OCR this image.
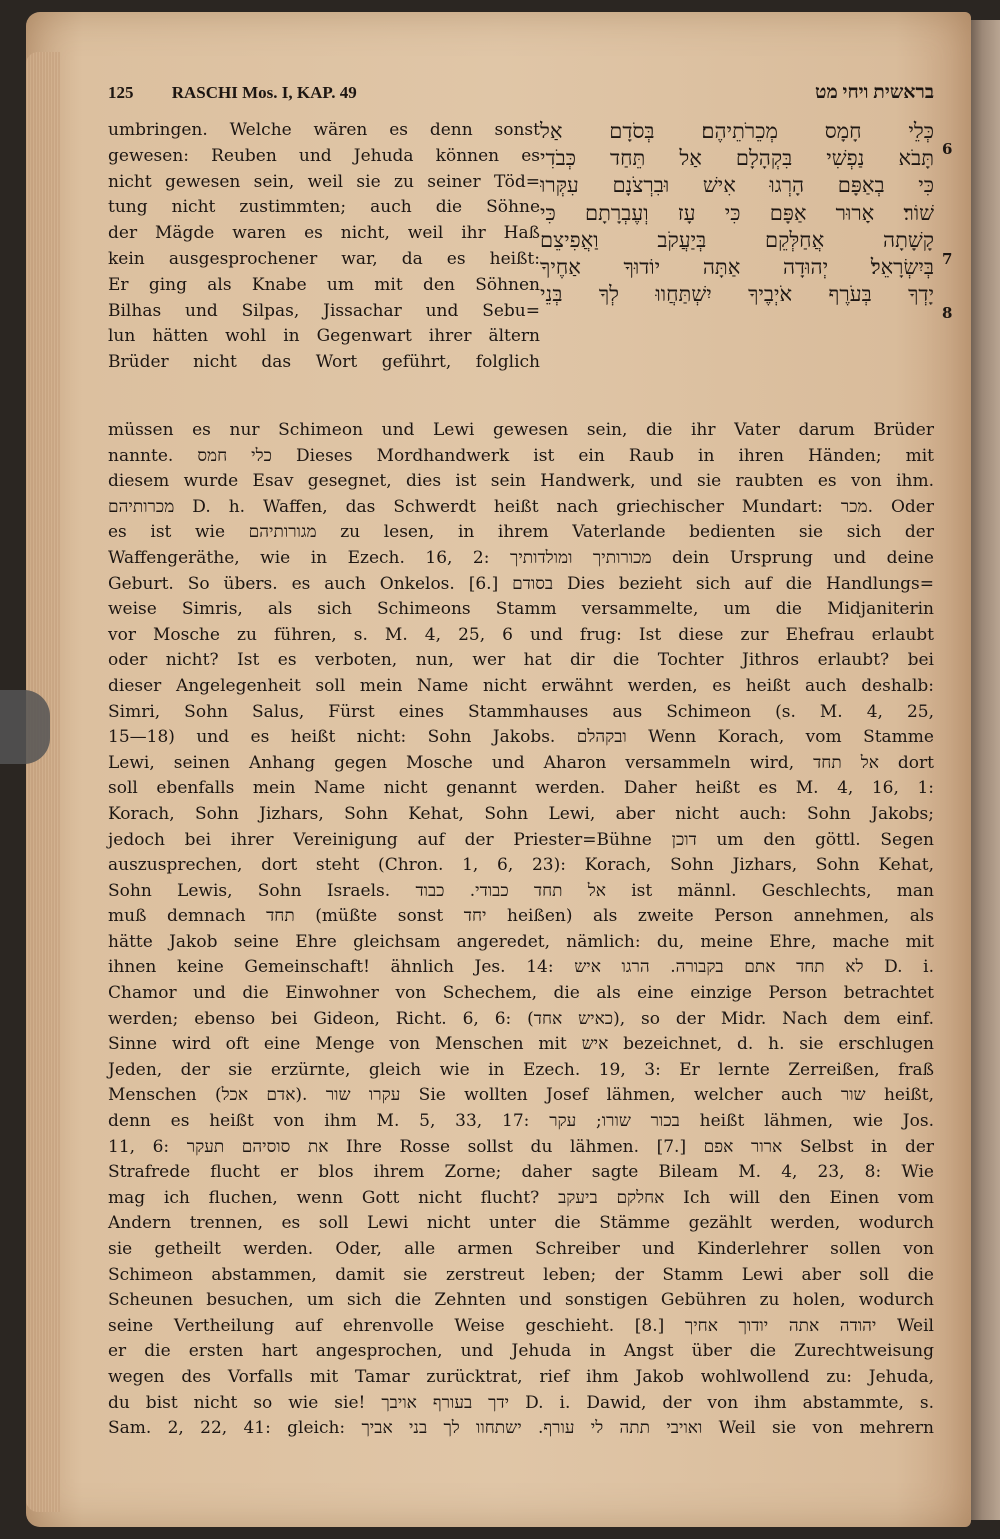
125 RASCHI Mos. I, KAP. 49	בראשית ויחי מט
umbringen. Welche wären es denn sonst
gewesen: Reuben und Jehuda können es
nicht gewesen sein, weil sie zu seiner Töd=
tung nicht zustimmten; auch die Söhne
der Mägde waren es nicht, weil ihr Haß
kein ausgesprochener war, da es heißt:
Er ging als Knabe um mit den Söhnen
Bilhas und Silpas, Jissachar und Sebu=
lun hätten wohl in Gegenwart ihrer ältern
Brüder nicht das Wort geführt, folglich
כְּלֵי חָמָס מְכֵרֹתֵיהֶם׃ בְּסֹדָם אַל
תָּבֹא נַפְשִׁי בִּקְהָלָם אַל תֵּחַד כְּבֹדִי
כִּי בְאַפָּם הָרְגוּ אִישׁ וּבִרְצֹנָם עִקְּרוּ
שׁוֹר׃ אָרוּר אַפָּם כִּי עָז וְעֶבְרָתָם כִּי
קָשָׁתָה אֲחַלְּקֵם בְּיַעֲקֹב וַאֲפִיצֵם
בְּיִשְׂרָאֵל׃ יְהוּדָה אַתָּה יוֹדוּךָ אַחֶיךָ
יָדְךָ בְּעֹרֶף אֹיְבֶיךָ יִשְׁתַּחֲווּ לְךָ בְּנֵי
6
7
8
müssen es nur Schimeon und Lewi gewesen sein, die ihr Vater darum Brüder
nannte. כלי חמס Dieses Mordhandwerk ist ein Raub in ihren Händen; mit
diesem wurde Esav gesegnet, dies ist sein Handwerk, und sie raubten es von ihm.
מכרותיהם D. h. Waffen, das Schwerdt heißt nach griechischer Mundart: מכר. Oder
es ist wie מגורותיהם zu lesen, in ihrem Vaterlande bedienten sie sich der
Waffengeräthe, wie in Ezech. 16, 2: מכורותיך ומולדותיך dein Ursprung und deine
Geburt. So übers. es auch Onkelos. [6.] בסודם Dies bezieht sich auf die Handlungs=
weise Simris, als sich Schimeons Stamm versammelte, um die Midjaniterin
vor Mosche zu führen, s. M. 4, 25, 6 und frug: Ist diese zur Ehefrau erlaubt
oder nicht? Ist es verboten, nun, wer hat dir die Tochter Jithros erlaubt? bei
dieser Angelegenheit soll mein Name nicht erwähnt werden, es heißt auch deshalb:
Simri, Sohn Salus, Fürst eines Stammhauses aus Schimeon (s. M. 4, 25,
15—18) und es heißt nicht: Sohn Jakobs. ובקהלם Wenn Korach, vom Stamme
Lewi, seinen Anhang gegen Mosche und Aharon versammeln wird, אל תחד dort
soll ebenfalls mein Name nicht genannt werden. Daher heißt es M. 4, 16, 1:
Korach, Sohn Jizhars, Sohn Kehat, Sohn Lewi, aber nicht auch: Sohn Jakobs;
jedoch bei ihrer Vereinigung auf der Priester=Bühne דוכן um den göttl. Segen
auszusprechen, dort steht (Chron. 1, 6, 23): Korach, Sohn Jizhars, Sohn Kehat,
Sohn Lewis, Sohn Israels. אל תחד כבודי. כבוד ist männl. Geschlechts, man
muß demnach תחד (müßte sonst יחד heißen) als zweite Person annehmen, als
hätte Jakob seine Ehre gleichsam angeredet, nämlich: du, meine Ehre, mache mit
ihnen keine Gemeinschaft! ähnlich Jes. 14: לא תחד אתם בקבורה. הרגו איש D. i.
Chamor und die Einwohner von Schechem, die als eine einzige Person betrachtet
werden; ebenso bei Gideon, Richt. 6, 6: (כאיש אחד), so der Midr. Nach dem einf.
Sinne wird oft eine Menge von Menschen mit איש bezeichnet, d. h. sie erschlugen
Jeden, der sie erzürnte, gleich wie in Ezech. 19, 3: Er lernte Zerreißen, fraß
Menschen (אדם אכל). עקרו שור Sie wollten Josef lähmen, welcher auch שור heißt,
denn es heißt von ihm M. 5, 33, 17: בכור שורו; עקר heißt lähmen, wie Jos.
11, 6: את סוסיהם תעקר Ihre Rosse sollst du lähmen. [7.] ארור אפם Selbst in der
Strafrede flucht er blos ihrem Zorne; daher sagte Bileam M. 4, 23, 8: Wie
mag ich fluchen, wenn Gott nicht flucht? אחלקם ביעקב Ich will den Einen vom
Andern trennen, es soll Lewi nicht unter die Stämme gezählt werden, wodurch
sie getheilt werden. Oder, alle armen Schreiber und Kinderlehrer sollen von
Schimeon abstammen, damit sie zerstreut leben; der Stamm Lewi aber soll die
Scheunen besuchen, um sich die Zehnten und sonstigen Gebühren zu holen, wodurch
seine Vertheilung auf ehrenvolle Weise geschieht. [8.] יהודה אתה יודוך אחיך Weil
er die ersten hart angesprochen, und Jehuda in Angst über die Zurechtweisung
wegen des Vorfalls mit Tamar zurücktrat, rief ihm Jakob wohlwollend zu: Jehuda,
du bist nicht so wie sie! ידך בעורף אויבך D. i. Dawid, der von ihm abstammte, s.
Sam. 2, 22, 41: gleich: ואויבי תתה לי עורף. ישתחוו לך בני אביך Weil sie von mehrern
